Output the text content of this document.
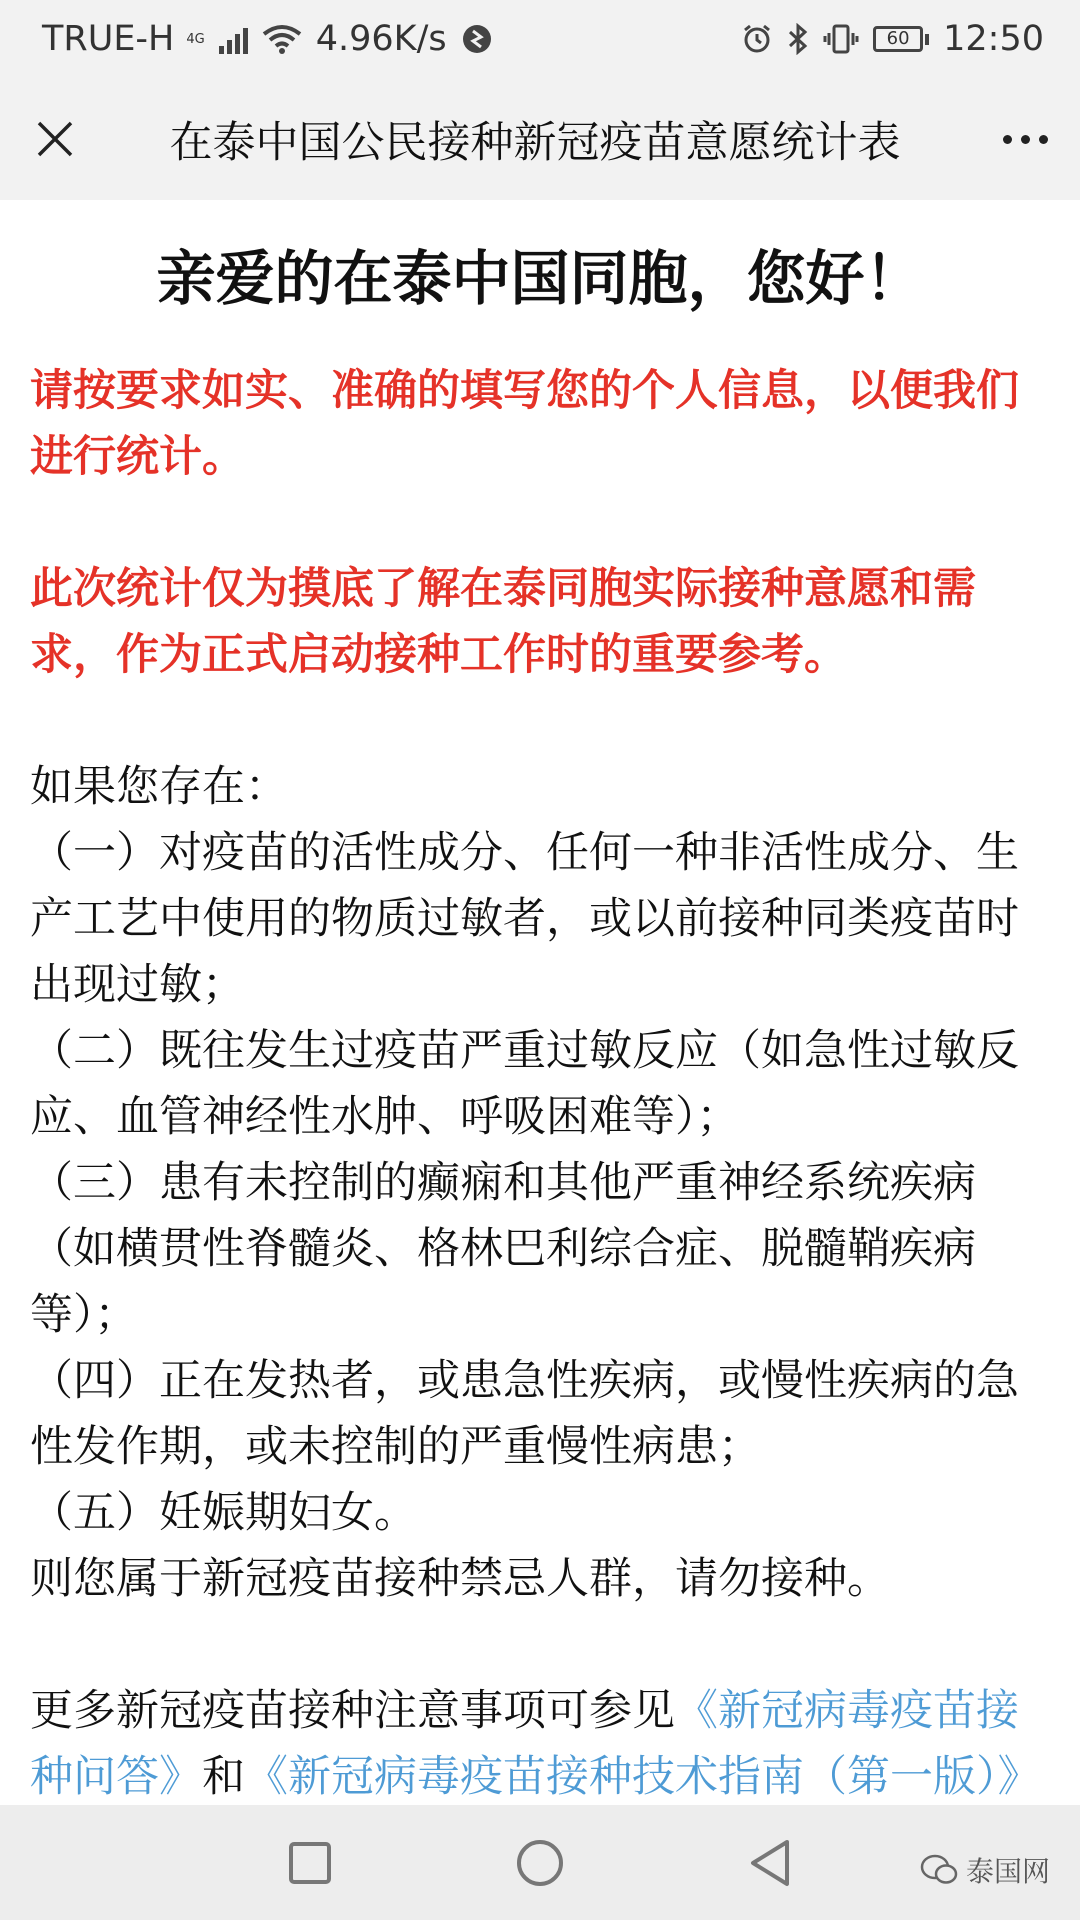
TRUE-H 4G	4.96K/s	60 12:50
在泰中国公民接种新冠疫苗意愿统计表
亲爱的在泰中国同胞，您好！

请按要求如实、准确的填写您的个人信息，以便我们进行统计。

此次统计仅为摸底了解在泰同胞实际接种意愿和需求，作为正式启动接种工作时的重要参考。

如果您存在：

（一）对疫苗的活性成分、任何一种非活性成分、生产工艺中使用的物质过敏者，或以前接种同类疫苗时出现过敏；
（二）既往发生过疫苗严重过敏反应（如急性过敏反应、血管神经性水肿、呼吸困难等）；
（三）患有未控制的癫痫和其他严重神经系统疾病（如横贯性脊髓炎、格林巴利综合症、脱髓鞘疾病等）；
（四）正在发热者，或患急性疾病，或慢性疾病的急性发作期，或未控制的严重慢性病患；
（五）妊娠期妇女。

则您属于新冠疫苗接种禁忌人群，请勿接种。

更多新冠疫苗接种注意事项可参见《新冠病毒疫苗接种问答》和《新冠病毒疫苗接种技术指南（第一版）》

泰国网
